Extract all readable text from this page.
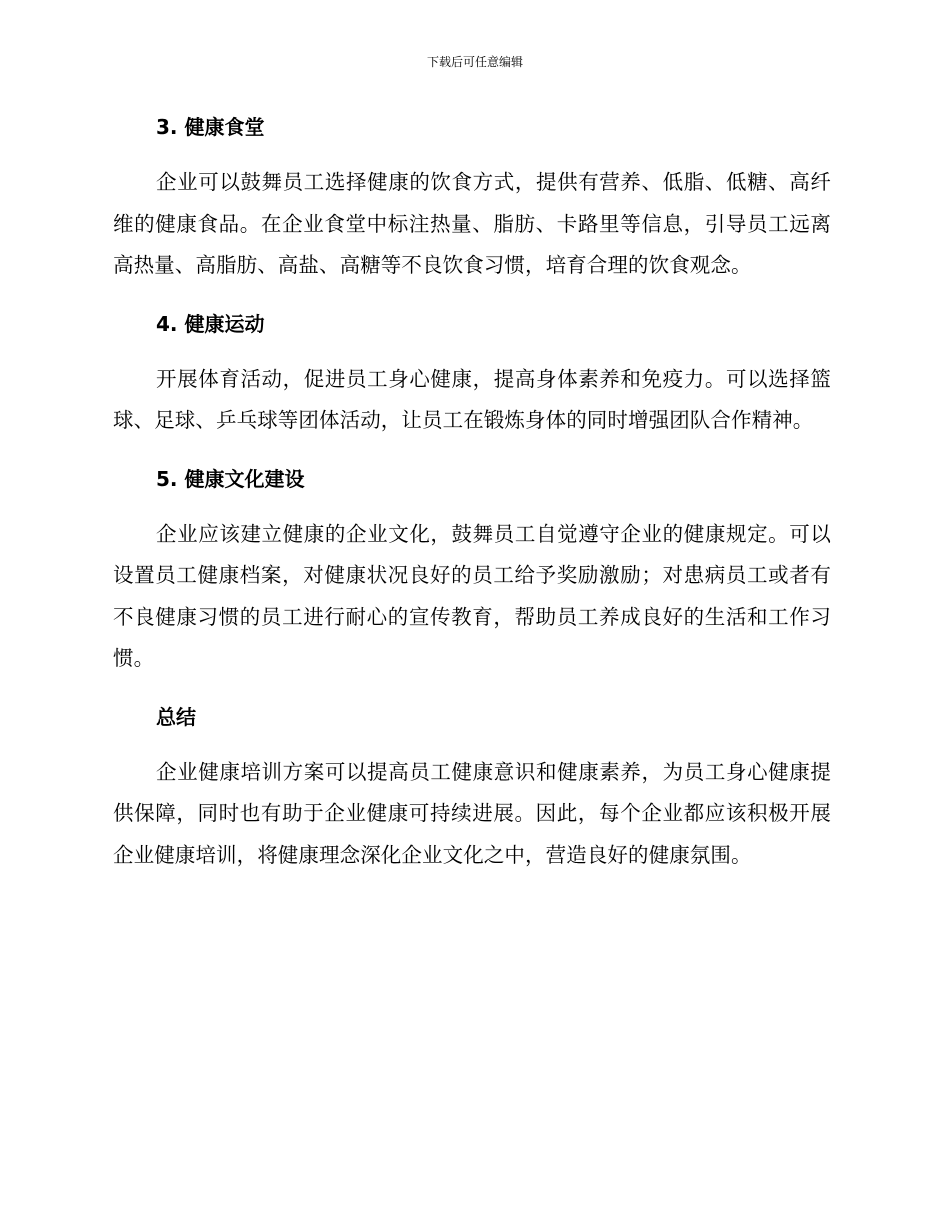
下载后可任意编辑
3. 健康食堂

企业可以鼓舞员工选择健康的饮食方式，提供有营养、低脂、低糖、高纤维的健康食品。在企业食堂中标注热量、脂肪、卡路里等信息，引导员工远离高热量、高脂肪、高盐、高糖等不良饮食习惯，培育合理的饮食观念。

4. 健康运动

开展体育活动，促进员工身心健康，提高身体素养和免疫力。可以选择篮球、足球、乒乓球等团体活动，让员工在锻炼身体的同时增强团队合作精神。

5. 健康文化建设

企业应该建立健康的企业文化，鼓舞员工自觉遵守企业的健康规定。可以设置员工健康档案，对健康状况良好的员工给予奖励激励；对患病员工或者有不良健康习惯的员工进行耐心的宣传教育，帮助员工养成良好的生活和工作习惯。

总结

企业健康培训方案可以提高员工健康意识和健康素养，为员工身心健康提供保障，同时也有助于企业健康可持续进展。因此，每个企业都应该积极开展企业健康培训，将健康理念深化企业文化之中，营造良好的健康氛围。
